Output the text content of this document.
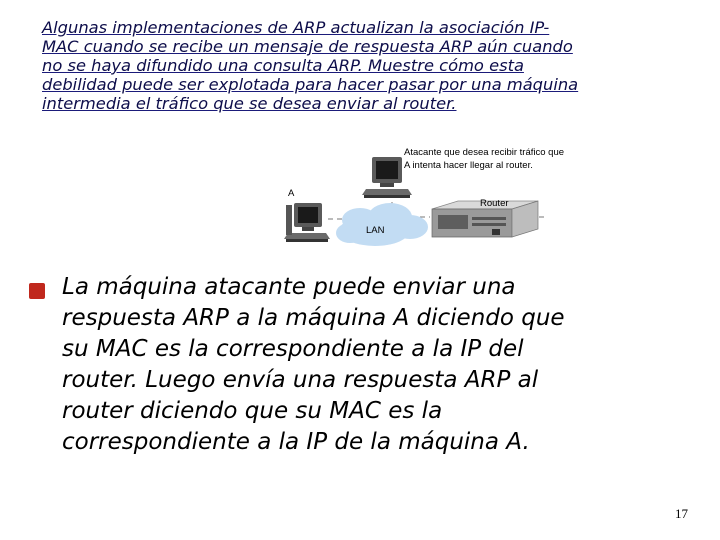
Algunas implementaciones de ARP actualizan la asociación IP-
MAC cuando se recibe un mensaje de respuesta ARP aún cuando
no se haya difundido una consulta ARP. Muestre cómo esta
debilidad puede ser explotada para hacer pasar por una máquina
intermedia el tráfico que se desea enviar al router.

Atacante que desea recibir tráfico que
A intenta hacer llegar al router.
A
Router
LAN

La máquina atacante puede enviar una
respuesta ARP a la máquina A diciendo que
su MAC es la correspondiente a la IP del
router. Luego envía una respuesta ARP al
router diciendo que su MAC es la
correspondiente a la IP de la máquina A.

17
